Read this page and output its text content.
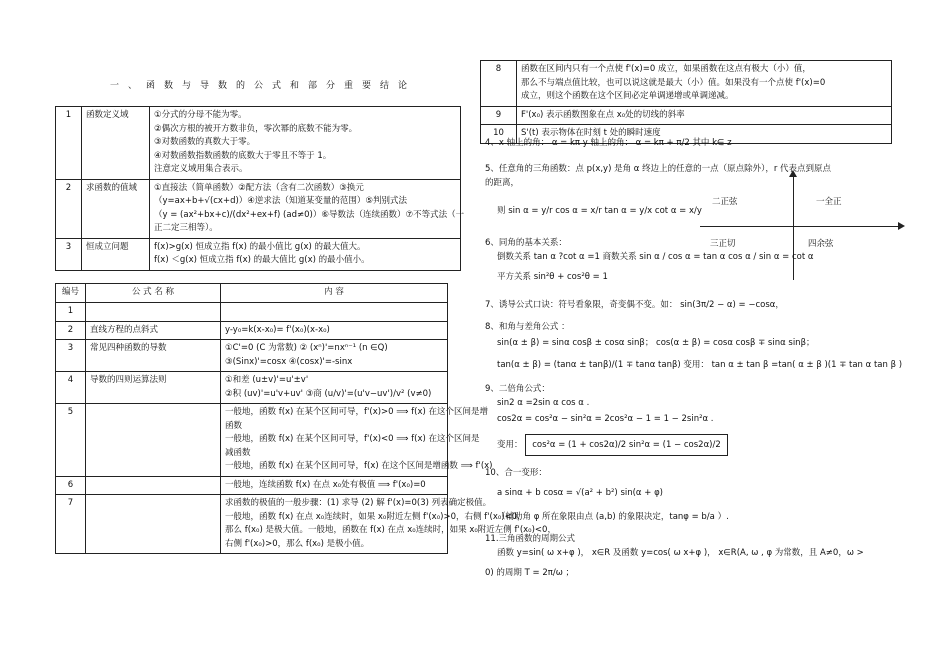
一、函数与导数的公式和部分重要结论
1	函数定义域	①分式的分母不能为零。
②偶次方根的被开方数非负，零次幂的底数不能为零。
③对数函数的真数大于零。
④对数函数指数函数的底数大于零且不等于 1。
注意定义域用集合表示。

2	求函数的值域	①直接法（简单函数）②配方法（含有二次函数）③换元
（y=ax+b+√(cx+d)）④逆求法（知道某变量的范围）⑤判别式法
（y = (ax²+bx+c)/(dx²+ex+f) (ad≠0)）⑥导数法（连续函数）⑦不等式法（一
正二定三相等）。

3	恒成立问题	f(x)>g(x) 恒成立指 f(x) 的最小值比 g(x) 的最大值大。
f(x) ＜g(x) 恒成立指 f(x) 的最大值比 g(x) 的最小值小。
编号	公 式 名 称	内 容
1		

2	直线方程的点斜式	y-y₀=k(x-x₀)= f'(x₀)(x-x₀)

3	常见四种函数的导数	①C'=0 (C 为常数) ② (xⁿ)'=nxⁿ⁻¹ (n ∈Q)
③(Sinx)'=cosx ④(cosx)'=-sinx

4	导数的四则运算法则	①和差 (u±v)'=u'±v'
②积 (uv)'=u'v+uv' ③商 (u/v)'=(u'v−uv')/v² (v≠0)

5		一般地，函数 f(x) 在某个区间可导，f'(x)>0 ⟹ f(x) 在这个区间是增
函数
一般地，函数 f(x) 在某个区间可导，f'(x)<0 ⟹ f(x) 在这个区间是
减函数
一般地，函数 f(x) 在某个区间可导，f(x) 在这个区间是增函数 ⟹ f'(x)

6		一般地，连续函数 f(x) 在点 x₀处有极值 ⟹ f'(x₀)=0

7		求函数的极值的一般步骤：(1) 求导 (2) 解 f'(x)=0(3) 列表确定极值。
一般地，函数 f(x) 在点 x₀连续时，如果 x₀附近左侧 f'(x₀)>0，右侧 f'(x₀)<0，
那么 f(x₀) 是极大值。一般地，函数在 f(x) 在点 x₀连续时，如果 x₀附近左侧 f'(x₀)<0，
右侧 f'(x₀)>0，那么 f(x₀) 是极小值。
8	函数在区间内只有一个点使 f'(x)=0 成立，如果函数在这点有极大（小）值，
那么不与端点值比较，也可以说这就是最大（小）值。如果没有一个点使 f'(x)=0
成立，则这个函数在这个区间必定单调递增或单调递减。

9	F'(x₀) 表示函数图象在点 x₀处的切线的斜率

10	S'(t) 表示物体在时刻 t 处的瞬时速度
4、x 轴上的角： α = kπ y 轴上的角： α = kπ + π/2 其中 k∈ z
5、任意角的三角函数：点 p(x,y) 是角 α 终边上的任意的一点（原点除外），r 代表点到原点
的距离，
则 sin α = y/r cos α = x/r tan α = y/x cot α = x/y
二正弦	一全正
三正切	四余弦
6、同角的基本关系：
倒数关系 tan α ?cot α =1 商数关系 sin α / cos α = tan α cos α / sin α = cot α
平方关系 sin²θ + cos²θ = 1
7、诱导公式口诀：符号看象限，奇变偶不变。如： sin(3π/2 − α) = −cosα，
8、和角与差角公式 ：
sin(α ± β) = sinα cosβ ± cosα sinβ； cos(α ± β) = cosα cosβ ∓ sinα sinβ；
tan(α ± β) = (tanα ± tanβ)/(1 ∓ tanα tanβ) 变用： tan α ± tan β =tan( α ± β )(1 ∓ tan α tan β )
9、二倍角公式：
sin2 α =2sin α cos α .
cos2α = cos²α − sin²α = 2cos²α − 1 = 1 − 2sin²α .
变用： cos²α = (1 + cos2α)/2 sin²α = (1 − cos2α)/2
10、合一变形：
a sinα + b cosα = √(a² + b²) sin(α + φ)
（辅助角 φ 所在象限由点 (a,b) 的象限决定，tanφ = b/a ）.
11.三角函数的周期公式
函数 y=sin( ω x+φ )， x∈R 及函数 y=cos( ω x+φ )， x∈R(A, ω , φ 为常数，且 A≠0，ω >
0) 的周期 T = 2π/ω ；
